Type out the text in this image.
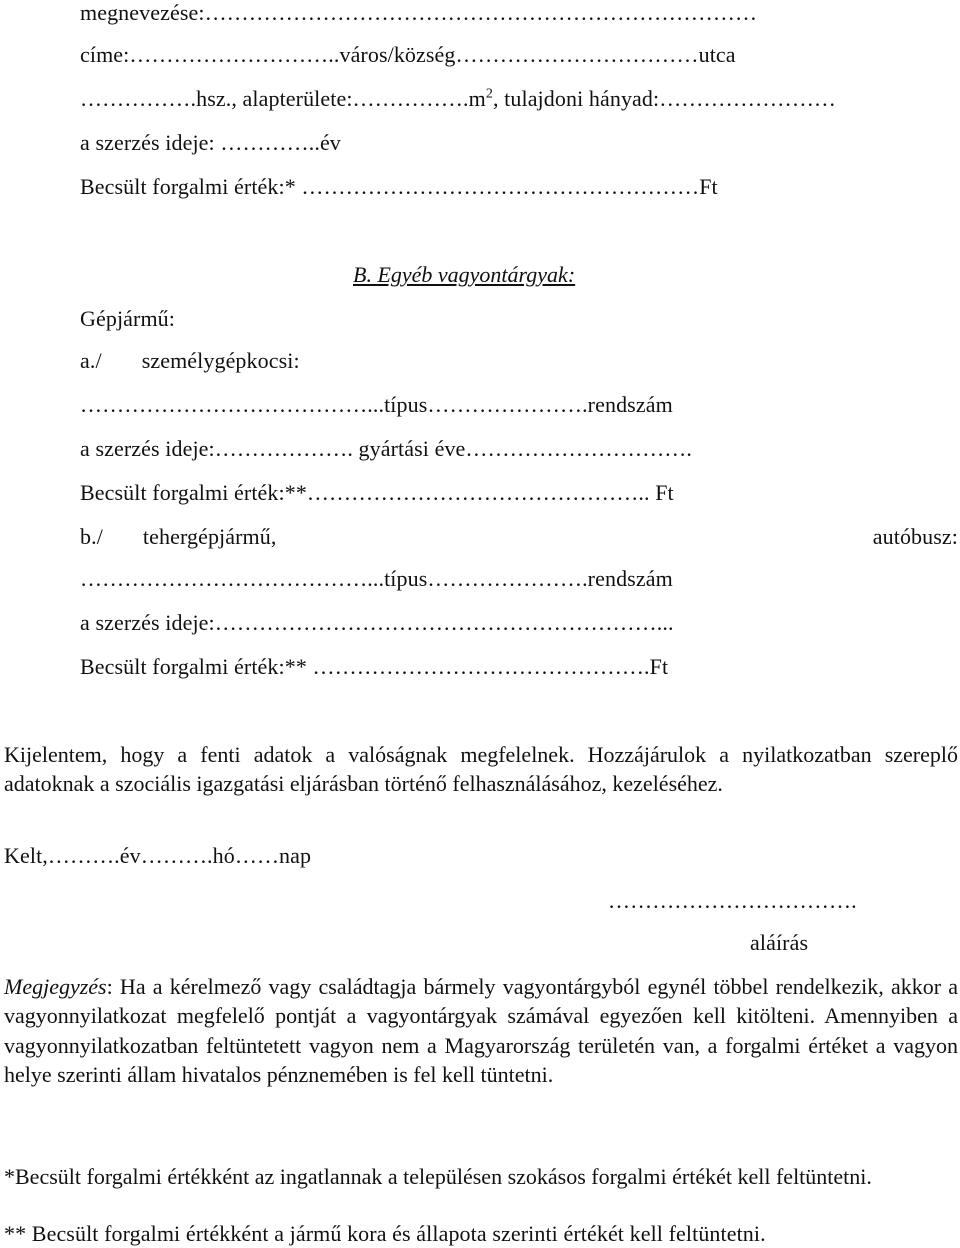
megnevezése:…………………………………………………………………
címe:………………………..város/község……………………………utca
…………….hsz., $alapterülete:\dots\dots\dots\dots\dots.m^2$, tulajdoni hányad:……………………
a szerzés ideje: …………..év
Becsült forgalmi érték:* ………………………………………………Ft
B. Egyéb vagyontárgyak:
Gépjármű:
a./ személygépkocsi:
…………………………………...típus………………….rendszám
a szerzés ideje:………………. gyártási éve………………………….
Becsült forgalmi érték:**……………………………………….. Ft
b./ tehergépjármű,	autóbusz:
…………………………………...típus………………….rendszám
a szerzés ideje:……………………………………………………...
Becsült forgalmi érték:** ……………………………………….Ft
Kijelentem, hogy a fenti adatok a valóságnak megfelelnek. Hozzájárulok a nyilatkozatban szereplő adatoknak a szociális igazgatási eljárásban történő felhasználásához, kezeléséhez.
Kelt,……….év……….hó……nap
…………………………….
aláírás
Megjegyzés: Ha a kérelmező vagy családtagja bármely vagyontárgyból egynél többel rendelkezik, akkor a vagyonnyilatkozat megfelelő pontját a vagyontárgyak számával egyezően kell kitölteni. Amennyiben a vagyonnyilatkozatban feltüntetett vagyon nem a Magyarország területén van, a forgalmi értéket a vagyon helye szerinti állam hivatalos pénznemében is fel kell tüntetni.
*Becsült forgalmi értékként az ingatlannak a településen szokásos forgalmi értékét kell feltüntetni.
** Becsült forgalmi értékként a jármű kora és állapota szerinti értékét kell feltüntetni.
